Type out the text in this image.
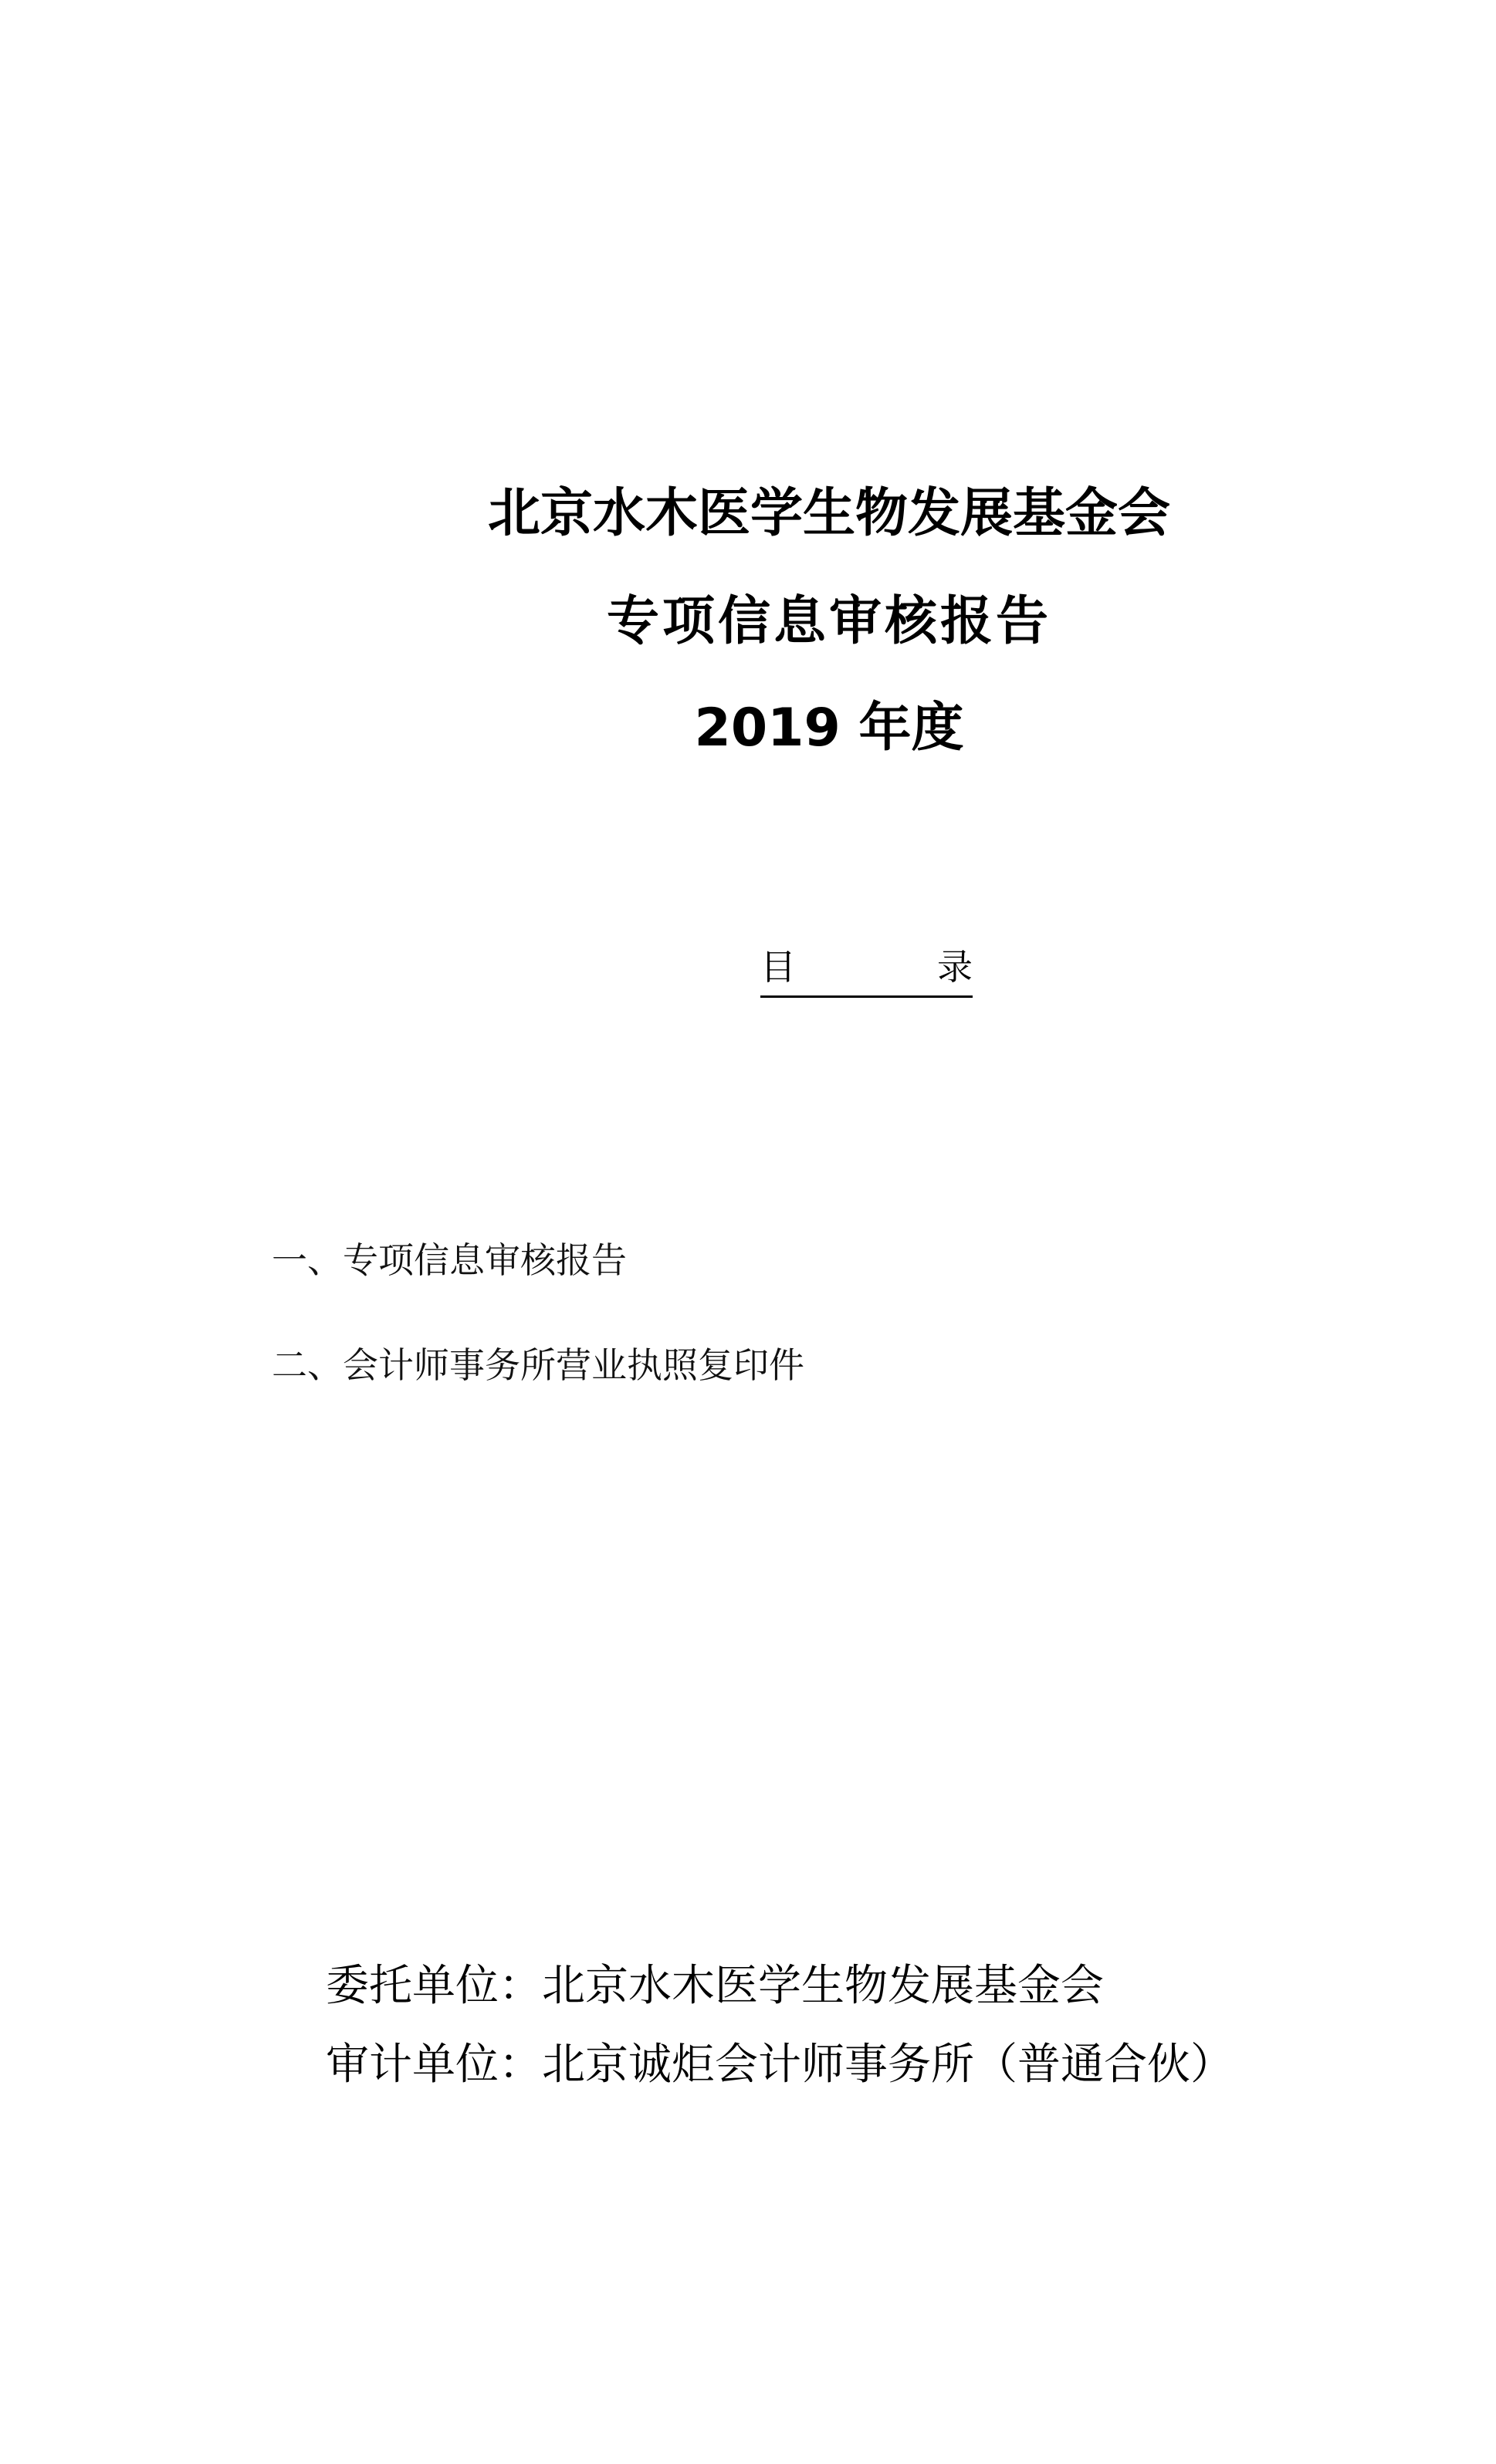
北京水木医学生物发展基金会
专项信息审核报告
2019 年度
目	录
一、专项信息审核报告
二、会计师事务所营业执照复印件
委托单位：北京水木医学生物发展基金会
审计单位：北京诚炬会计师事务所（普通合伙）
